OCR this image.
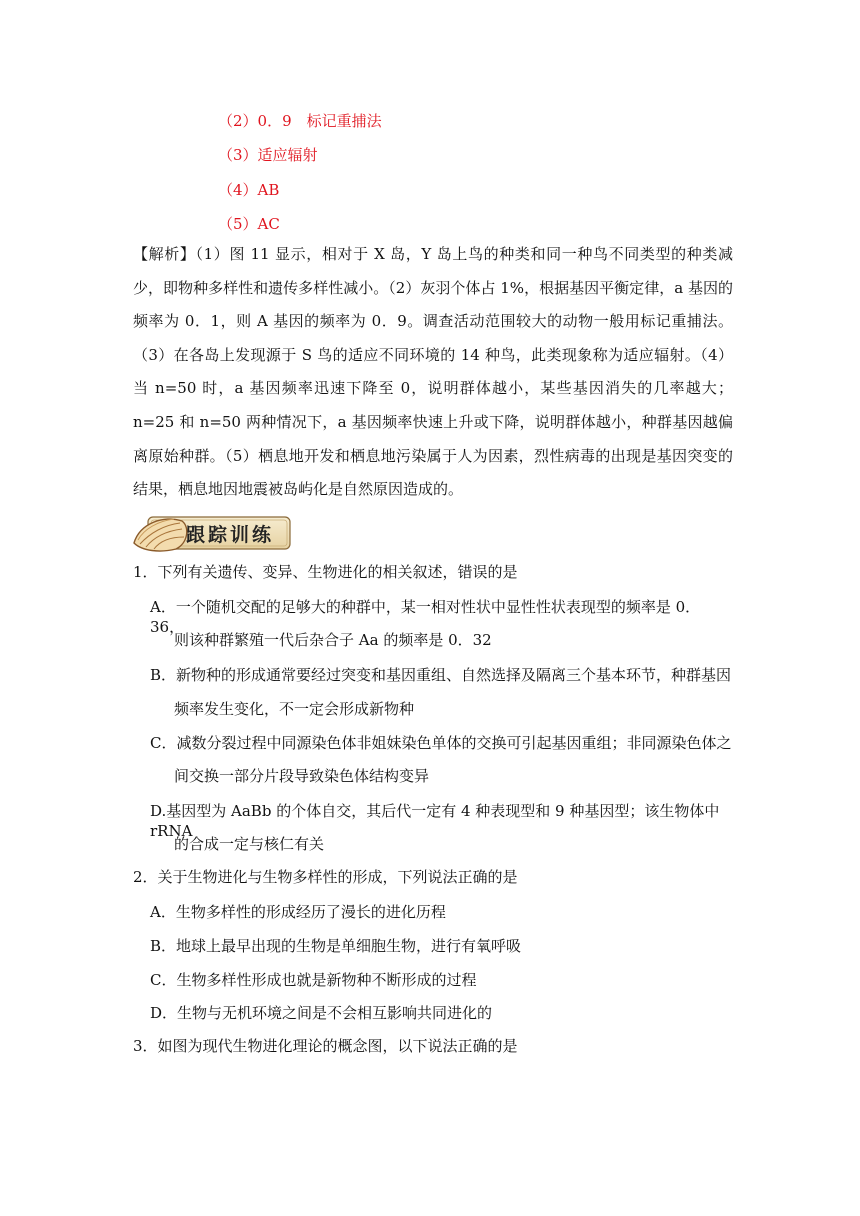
（2）0．9　标记重捕法
（3）适应辐射
（4）AB
（5）AC
【解析】（1）图 11 显示，相对于 X 岛，Y 岛上鸟的种类和同一种鸟不同类型的种类减少，即物种多样性和遗传多样性减小。（2）灰羽个体占 1%，根据基因平衡定律，a 基因的频率为 0．1，则 A 基因的频率为 0．9。调查活动范围较大的动物一般用标记重捕法。（3）在各岛上发现源于 S 鸟的适应不同环境的 14 种鸟，此类现象称为适应辐射。（4）当 n=50 时，a 基因频率迅速下降至 0，说明群体越小，某些基因消失的几率越大；n=25 和 n=50 两种情况下，a 基因频率快速上升或下降，说明群体越小，种群基因越偏离原始种群。（5）栖息地开发和栖息地污染属于人为因素，烈性病毒的出现是基因突变的结果，栖息地因地震被岛屿化是自然原因造成的。
跟踪训练
1．下列有关遗传、变异、生物进化的相关叙述，错误的是
A．一个随机交配的足够大的种群中，某一相对性状中显性性状表现型的频率是 0．36，
则该种群繁殖一代后杂合子 Aa 的频率是 0．32
B．新物种的形成通常要经过突变和基因重组、自然选择及隔离三个基本环节，种群基因
频率发生变化，不一定会形成新物种
C．减数分裂过程中同源染色体非姐妹染色单体的交换可引起基因重组；非同源染色体之
间交换一部分片段导致染色体结构变异
D.基因型为 AaBb 的个体自交，其后代一定有 4 种表现型和 9 种基因型；该生物体中 rRNA
的合成一定与核仁有关
2．关于生物进化与生物多样性的形成，下列说法正确的是
A．生物多样性的形成经历了漫长的进化历程
B．地球上最早出现的生物是单细胞生物，进行有氧呼吸
C．生物多样性形成也就是新物种不断形成的过程
D．生物与无机环境之间是不会相互影响共同进化的
3．如图为现代生物进化理论的概念图，以下说法正确的是
